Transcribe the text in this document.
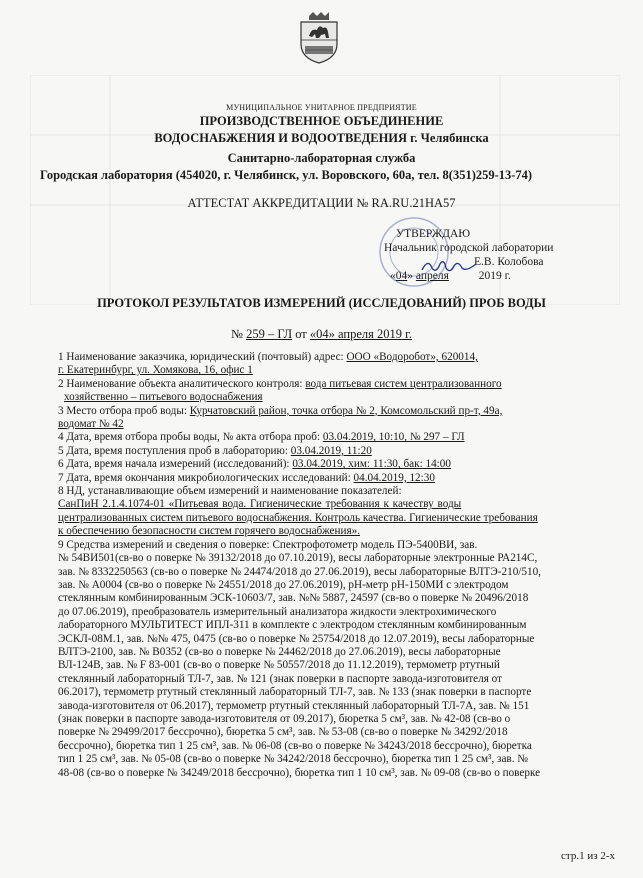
МУНИЦИПАЛЬНОЕ УНИТАРНОЕ ПРЕДПРИЯТИЕ
ПРОИЗВОДСТВЕННОЕ ОБЪЕДИНЕНИЕ
ВОДОСНАБЖЕНИЯ И ВОДООТВЕДЕНИЯ г. Челябинска
Санитарно-лабораторная служба
Городская лаборатория (454020, г. Челябинск, ул. Воровского, 60а, тел. 8(351)259-13-74)
АТТЕСТАТ АККРЕДИТАЦИИ № RA.RU.21НА57
УТВЕРЖДАЮ
Начальник городской лаборатории
Е.В. Колобова
«04» апреля 2019 г.
ПРОТОКОЛ РЕЗУЛЬТАТОВ ИЗМЕРЕНИЙ (ИССЛЕДОВАНИЙ) ПРОБ ВОДЫ
№ 259 – ГЛ от «04» апреля 2019 г.

1 Наименование заказчика, юридический (почтовый) адрес: ООО «Водоробот», 620014,

г. Екатеринбург, ул. Хомякова, 16, офис 1

2 Наименование объекта аналитического контроля: вода питьевая систем централизованного

хозяйственно – питьевого водоснабжения

3 Место отбора проб воды: Курчатовский район, точка отбора № 2, Комсомольский пр-т, 49а,

водомат № 42

4 Дата, время отбора пробы воды, № акта отбора проб: 03.04.2019, 10:10, № 297 – ГЛ

5 Дата, время поступления проб в лабораторию: 03.04.2019, 11:20

6 Дата, время начала измерений (исследований): 03.04.2019, хим: 11:30, бак: 14:00

7 Дата, время окончания микробиологических исследований: 04.04.2019, 12:30

8 НД, устанавливающие объем измерений и наименование показателей:

СанПиН 2.1.4.1074-01 «Питьевая вода. Гигиенические требования к качеству воды

централизованных систем питьевого водоснабжения. Контроль качества. Гигиенические требования

к обеспечению безопасности систем горячего водоснабжения».

9 Средства измерений и сведения о поверке: Спектрофотометр модель ПЭ-5400ВИ, зав.

№ 54ВИ501(св-во о поверке № 39132/2018 до 07.10.2019), весы лабораторные электронные РА214С,

зав. № 8332250563 (св-во о поверке № 24474/2018 до 27.06.2019), весы лабораторные ВЛТЭ-210/510,

зав. № А0004 (св-во о поверке № 24551/2018 до 27.06.2019), рН-метр рН-150МИ с электродом

стеклянным комбинированным ЭСК-10603/7, зав. №№ 5887, 24597 (св-во о поверке № 20496/2018

до 07.06.2019), преобразователь измерительный анализатора жидкости электрохимического

лабораторного МУЛЬТИТЕСТ ИПЛ-311 в комплекте с электродом стеклянным комбинированным

ЭСКЛ-08М.1, зав. №№ 475, 0475 (св-во о поверке № 25754/2018 до 12.07.2019), весы лабораторные

ВЛТЭ-2100, зав. № В0352 (св-во о поверке № 24462/2018 до 27.06.2019), весы лабораторные

ВЛ-124В, зав. № F 83-001 (св-во о поверке № 50557/2018 до 11.12.2019), термометр ртутный

стеклянный лабораторный ТЛ-7, зав. № 121 (знак поверки в паспорте завода-изготовителя от

06.2017), термометр ртутный стеклянный лабораторный ТЛ-7, зав. № 133 (знак поверки в паспорте

завода-изготовителя от 06.2017), термометр ртутный стеклянный лабораторный ТЛ-7А, зав. № 151

(знак поверки в паспорте завода-изготовителя от 09.2017), бюретка 5 см³, зав. № 42-08 (св-во о

поверке № 29499/2017 бессрочно), бюретка 5 см³, зав. № 53-08 (св-во о поверке № 34292/2018

бессрочно), бюретка тип 1 25 см³, зав. № 06-08 (св-во о поверке № 34243/2018 бессрочно), бюретка

тип 1 25 см³, зав. № 05-08 (св-во о поверке № 34242/2018 бессрочно), бюретка тип 1 25 см³, зав. №

48-08 (св-во о поверке № 34249/2018 бессрочно), бюретка тип 1 10 см³, зав. № 09-08 (св-во о поверке

стр.1 из 2-х
